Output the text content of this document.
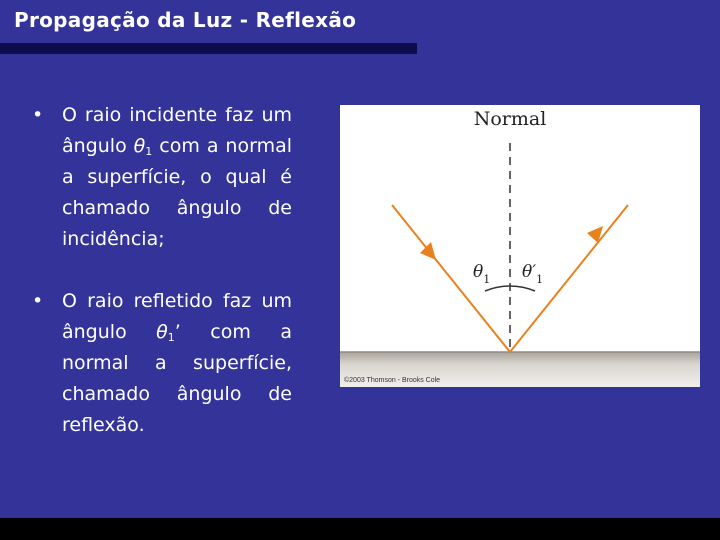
Propagação da Luz - Reflexão

• O raio incidente faz um ângulo $\theta_1$ com a normal a superfície, o qual é chamado ângulo de incidência;

• O raio refletido faz um ângulo $\theta_1$’ com a normal a superfície, chamado ângulo de reflexão.

Normal
$\theta_1$ $\theta'_1$
©2003 Thomson - Brooks Cole
